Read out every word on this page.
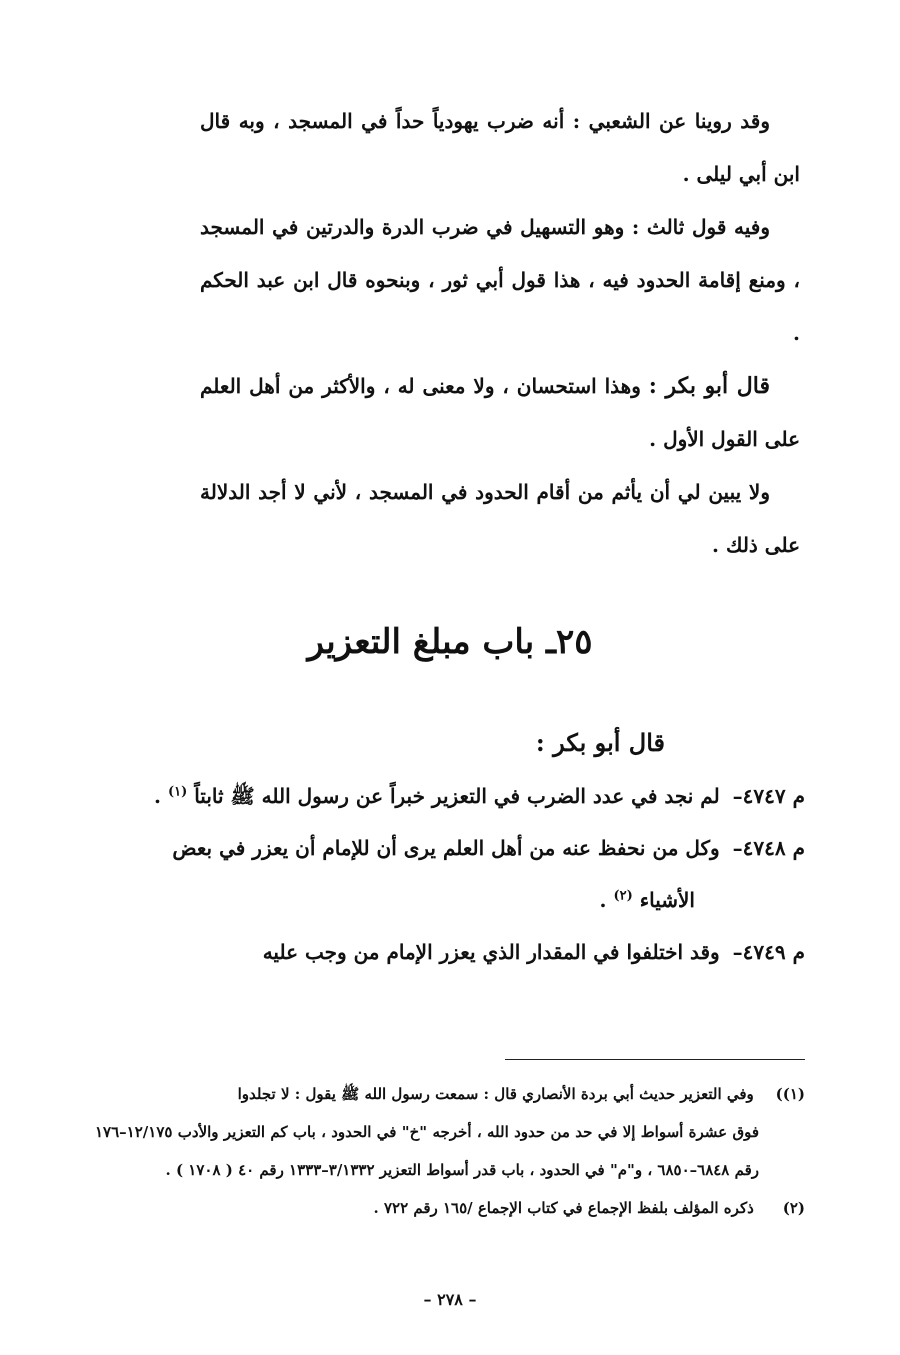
وقد روينا عن الشعبي : أنه ضرب يهودياً حداً في المسجد ، وبه قال ابن أبي ليلى .

وفيه قول ثالث : وهو التسهيل في ضرب الدرة والدرتين في المسجد ، ومنع إقامة الحدود فيه ، هذا قول أبي ثور ، وبنحوه قال ابن عبد الحكم .

قال أبو بكر : وهذا استحسان ، ولا معنى له ، والأكثر من أهل العلم على القول الأول .

ولا يبين لي أن يأثم من أقام الحدود في المسجد ، لأني لا أجد الدلالة على ذلك .

٢٥ـ باب مبلغ التعزير
قال أبو بكر :

م ٤٧٤٧– لم نجد في عدد الضرب في التعزير خبراً عن رسول الله ﷺ ثابتاً $^{(١)}$ .

م ٤٧٤٨– وكل من نحفظ عنه من أهل العلم يرى أن للإمام أن يعزر في بعض
الأشياء $^{(٢)}$ .

م ٤٧٤٩– وقد اختلفوا في المقدار الذي يعزر الإمام من وجب عليه

(١)) وفي التعزير حديث أبي بردة الأنصاري قال : سمعت رسول الله ﷺ يقول : لا تجلدوا
فوق عشرة أسواط إلا في حد من حدود الله ، أخرجه "خ" في الحدود ، باب كم التعزير والأدب ١٢/١٧٥–١٧٦ رقم ٦٨٤٨–٦٨٥٠ ، و"م" في الحدود ، باب قدر أسواط التعزير ٣/١٣٣٢–١٣٣٣ رقم ٤٠ ( ١٧٠٨ ) .

(٢) ذكره المؤلف بلفظ الإجماع في كتاب الإجماع /١٦٥ رقم ٧٢٢ .

– ٢٧٨ –
